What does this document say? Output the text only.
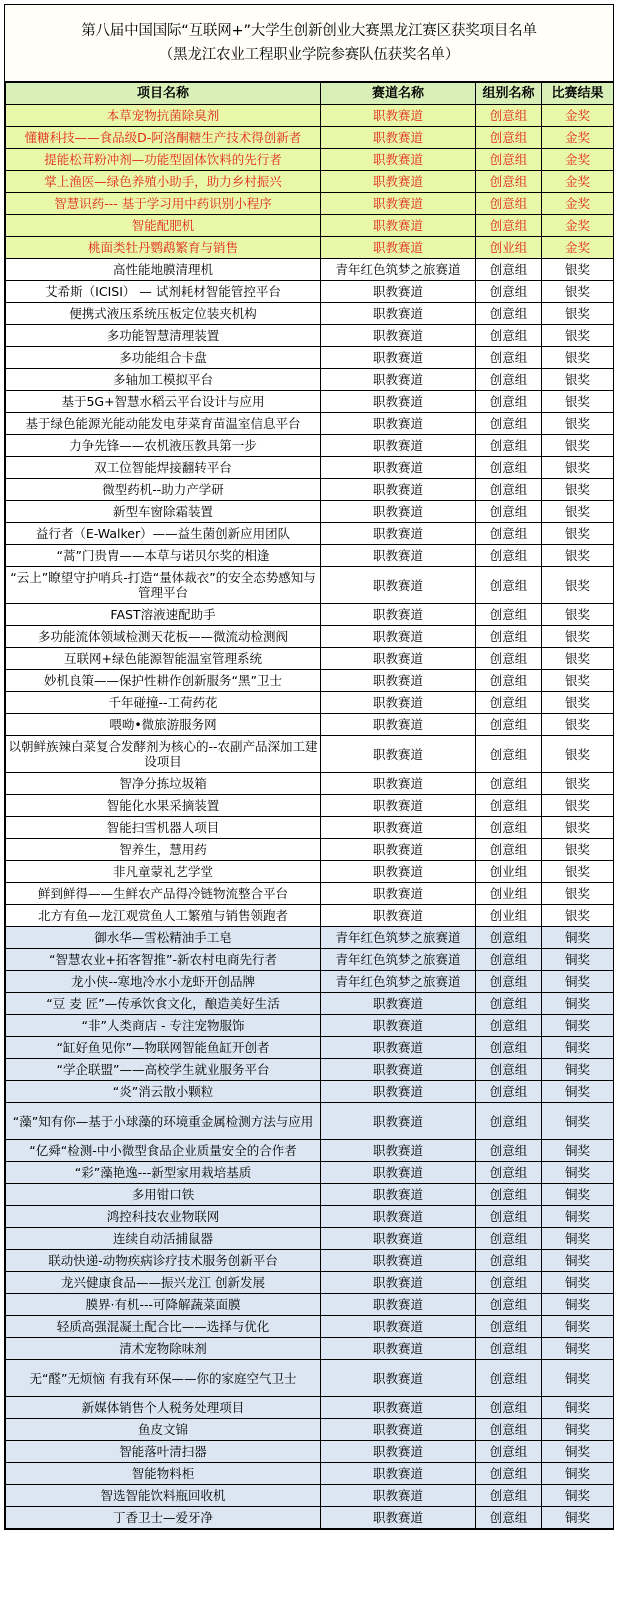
第八届中国国际“互联网+”大学生创新创业大赛黑龙江赛区获奖项目名单
（黑龙江农业工程职业学院参赛队伍获奖名单）
项目名称	赛道名称	组别名称	比赛结果
本草宠物抗菌除臭剂	职教赛道	创意组	金奖
懂糖科技——食品级D-阿洛酮糖生产技术得创新者	职教赛道	创意组	金奖
提能松茸粉冲剂—功能型固体饮料的先行者	职教赛道	创意组	金奖
掌上渔医—绿色养殖小助手，助力乡村振兴	职教赛道	创意组	金奖
智慧识药--- 基于学习用中药识别小程序	职教赛道	创意组	金奖
智能配肥机	职教赛道	创意组	金奖
桃面类牡丹鹦鹉繁育与销售	职教赛道	创业组	金奖
高性能地膜清理机	青年红色筑梦之旅赛道	创意组	银奖
艾希斯（ICISI） — 试剂耗材智能管控平台	职教赛道	创意组	银奖
便携式液压系统压板定位装夹机构	职教赛道	创意组	银奖
多功能智慧清理装置	职教赛道	创意组	银奖
多功能组合卡盘	职教赛道	创意组	银奖
多轴加工模拟平台	职教赛道	创意组	银奖
基于5G+智慧水稻云平台设计与应用	职教赛道	创意组	银奖
基于绿色能源光能动能发电芽菜育苗温室信息平台	职教赛道	创意组	银奖
力争先锋——农机液压教具第一步	职教赛道	创意组	银奖
双工位智能焊接翻转平台	职教赛道	创意组	银奖
微型药机--助力产学研	职教赛道	创意组	银奖
新型车窗除霜装置	职教赛道	创意组	银奖
益行者（E-Walker）——益生菌创新应用团队	职教赛道	创意组	银奖
“蒿”门贵胄——本草与诺贝尔奖的相逢	职教赛道	创意组	银奖
“云上”瞭望守护哨兵-打造“量体裁衣”的安全态势感知与管理平台	职教赛道	创意组	银奖
FAST溶液速配助手	职教赛道	创意组	银奖
多功能流体领域检测天花板——微流动检测阀	职教赛道	创意组	银奖
互联网+绿色能源智能温室管理系统	职教赛道	创意组	银奖
妙机良策——保护性耕作创新服务“黑”卫士	职教赛道	创意组	银奖
千年碰撞--工荷药花	职教赛道	创意组	银奖
喂呦•微旅游服务网	职教赛道	创意组	银奖
以朝鲜族辣白菜复合发酵剂为核心的--农副产品深加工建设项目	职教赛道	创意组	银奖
智净分拣垃圾箱	职教赛道	创意组	银奖
智能化水果采摘装置	职教赛道	创意组	银奖
智能扫雪机器人项目	职教赛道	创意组	银奖
智养生，慧用药	职教赛道	创意组	银奖
非凡童蒙礼艺学堂	职教赛道	创业组	银奖
鲜到鲜得——生鲜农产品得冷链物流整合平台	职教赛道	创业组	银奖
北方有鱼—龙江观赏鱼人工繁殖与销售领跑者	职教赛道	创业组	银奖
御水华—雪松精油手工皂	青年红色筑梦之旅赛道	创意组	铜奖
“智慧农业+拓客智推”-新农村电商先行者	青年红色筑梦之旅赛道	创意组	铜奖
龙小侠--寒地冷水小龙虾开创品牌	青年红色筑梦之旅赛道	创意组	铜奖
“豆 麦 匠”—传承饮食文化，酿造美好生活	职教赛道	创意组	铜奖
“非”人类商店 - 专注宠物服饰	职教赛道	创意组	铜奖
“缸好鱼见你”—物联网智能鱼缸开创者	职教赛道	创意组	铜奖
“学企联盟”——高校学生就业服务平台	职教赛道	创意组	铜奖
“炎”消云散小颗粒	职教赛道	创意组	铜奖
“藻”知有你—基于小球藻的环境重金属检测方法与应用	职教赛道	创意组	铜奖
“亿舜“检测-中小微型食品企业质量安全的合作者	职教赛道	创意组	铜奖
“彩”藻艳逸---新型家用栽培基质	职教赛道	创意组	铜奖
多用钳口铁	职教赛道	创意组	铜奖
鸿控科技农业物联网	职教赛道	创意组	铜奖
连续自动活捕鼠器	职教赛道	创意组	铜奖
联动快递-动物疾病诊疗技术服务创新平台	职教赛道	创意组	铜奖
龙兴健康食品——振兴龙江 创新发展	职教赛道	创意组	铜奖
膜界·有机---可降解蔬菜面膜	职教赛道	创意组	铜奖
轻质高强混凝土配合比——选择与优化	职教赛道	创意组	铜奖
清术宠物除味剂	职教赛道	创意组	铜奖
无“醛”无烦恼 有我有环保——你的家庭空气卫士	职教赛道	创意组	铜奖
新媒体销售个人税务处理项目	职教赛道	创意组	铜奖
鱼皮文锦	职教赛道	创意组	铜奖
智能落叶清扫器	职教赛道	创意组	铜奖
智能物料柜	职教赛道	创意组	铜奖
智选智能饮料瓶回收机	职教赛道	创意组	铜奖
丁香卫士—爱牙净	职教赛道	创意组	铜奖
